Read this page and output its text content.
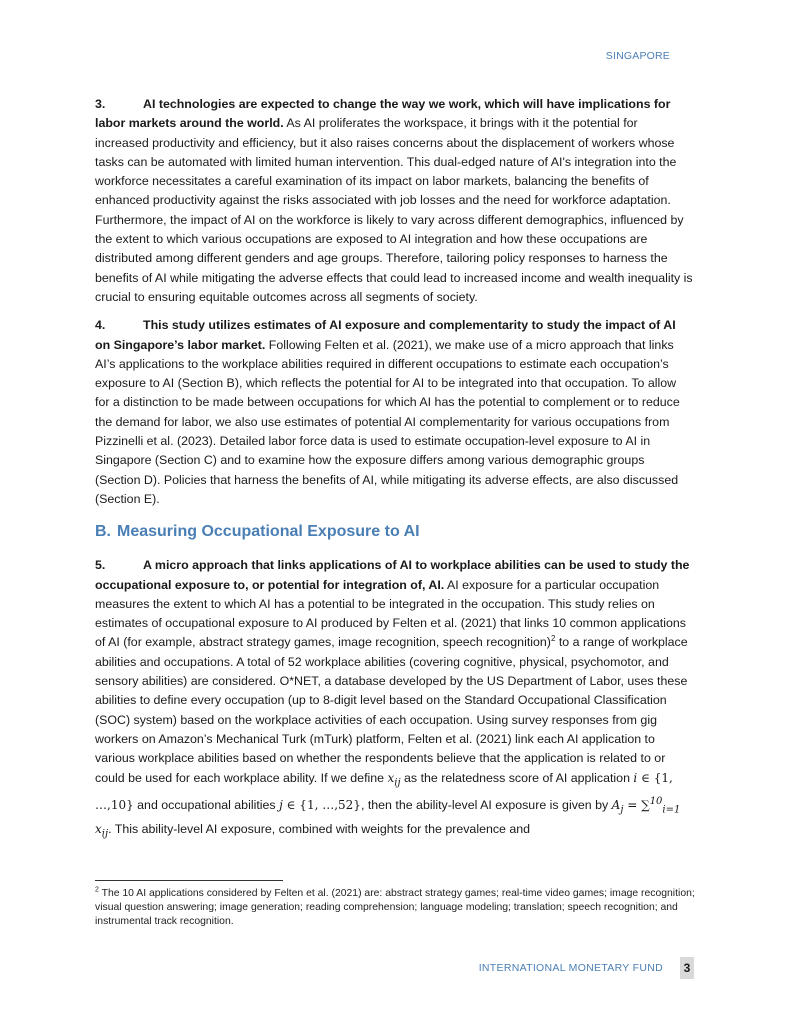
SINGAPORE

3.	AI technologies are expected to change the way we work, which will have implications for labor markets around the world. As AI proliferates the workspace, it brings with it the potential for increased productivity and efficiency, but it also raises concerns about the displacement of workers whose tasks can be automated with limited human intervention. This dual-edged nature of AI's integration into the workforce necessitates a careful examination of its impact on labor markets, balancing the benefits of enhanced productivity against the risks associated with job losses and the need for workforce adaptation. Furthermore, the impact of AI on the workforce is likely to vary across different demographics, influenced by the extent to which various occupations are exposed to AI integration and how these occupations are distributed among different genders and age groups. Therefore, tailoring policy responses to harness the benefits of AI while mitigating the adverse effects that could lead to increased income and wealth inequality is crucial to ensuring equitable outcomes across all segments of society.

4.	This study utilizes estimates of AI exposure and complementarity to study the impact of AI on Singapore’s labor market. Following Felten et al. (2021), we make use of a micro approach that links AI’s applications to the workplace abilities required in different occupations to estimate each occupation’s exposure to AI (Section B), which reflects the potential for AI to be integrated into that occupation. To allow for a distinction to be made between occupations for which AI has the potential to complement or to reduce the demand for labor, we also use estimates of potential AI complementarity for various occupations from Pizzinelli et al. (2023). Detailed labor force data is used to estimate occupation-level exposure to AI in Singapore (Section C) and to examine how the exposure differs among various demographic groups (Section D). Policies that harness the benefits of AI, while mitigating its adverse effects, are also discussed (Section E).

B. Measuring Occupational Exposure to AI

5.	A micro approach that links applications of AI to workplace abilities can be used to study the occupational exposure to, or potential for integration of, AI. AI exposure for a particular occupation measures the extent to which AI has a potential to be integrated in the occupation. This study relies on estimates of occupational exposure to AI produced by Felten et al. (2021) that links 10 common applications of AI (for example, abstract strategy games, image recognition, speech recognition)$^2$ to a range of workplace abilities and occupations. A total of 52 workplace abilities (covering cognitive, physical, psychomotor, and sensory abilities) are considered. O*NET, a database developed by the US Department of Labor, uses these abilities to define every occupation (up to 8-digit level based on the Standard Occupational Classification (SOC) system) based on the workplace activities of each occupation. Using survey responses from gig workers on Amazon’s Mechanical Turk (mTurk) platform, Felten et al. (2021) link each AI application to various workplace abilities based on whether the respondents believe that the application is related to or could be used for each workplace ability. If we define $x_{ij}$ as the relatedness score of AI application i ∈ {1, …,10} and occupational abilities j ∈ {1, …,52}, then the ability-level AI exposure is given by $A_j = \sum^{10}_{i=1}$ $x_{ij}$. This ability-level AI exposure, combined with weights for the prevalence and

$^2$ The 10 AI applications considered by Felten et al. (2021) are: abstract strategy games; real-time video games; image recognition; visual question answering; image generation; reading comprehension; language modeling; translation; speech recognition; and instrumental track recognition.
INTERNATIONAL MONETARY FUND	3
